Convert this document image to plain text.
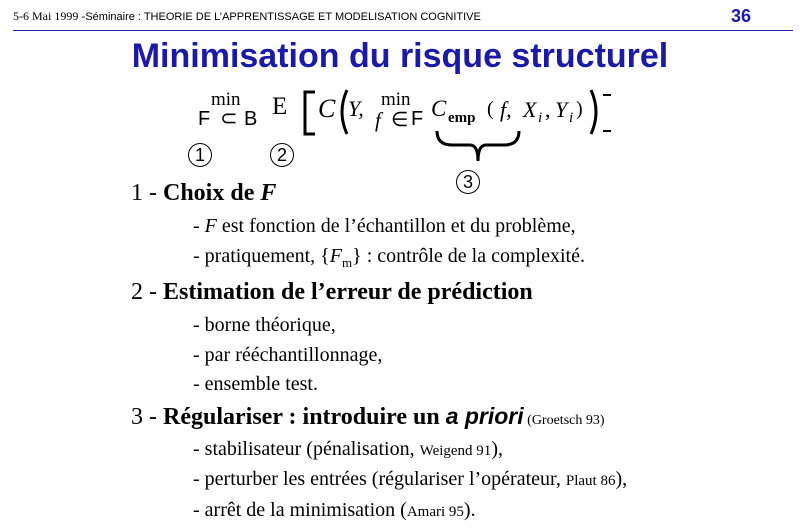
5-6 Mai 1999 -Séminaire : THEORIE DE L’APPRENTISSAGE ET MODELISATION COGNITIVE	36
Minimisation du risque structurel
min
F ⊂ B E C Y, min
f ∈ F C emp ( f, X i , Y i )
1	2
3
1 - Choix de F
- F est fonction de l’échantillon et du problème,
- pratiquement, $\{F_m\}$ : contrôle de la complexité.
2 - Estimation de l’erreur de prédiction
- borne théorique,
- par rééchantillonnage,
- ensemble test.
3 - Régulariser : introduire un a priori (Groetsch 93)
- stabilisateur (pénalisation, Weigend 91),
- perturber les entrées (régulariser l’opérateur, Plaut 86),
- arrêt de la minimisation (Amari 95).
